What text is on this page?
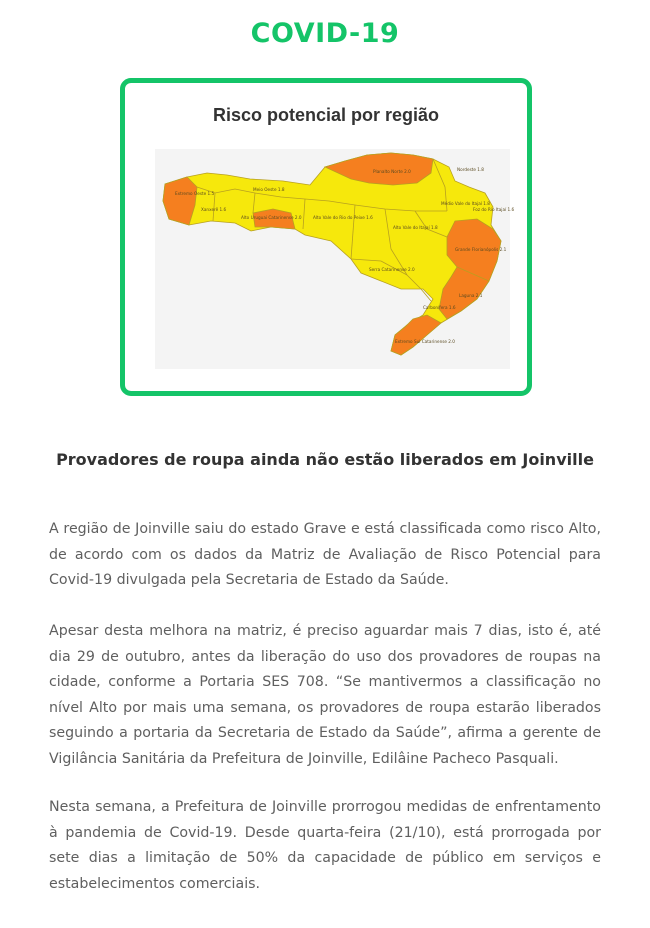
COVID-19
Risco potencial por região
Extremo Oeste 1.5
Xanxerê 1.6
Meio Oeste 1.8
Alto Uruguai Catarinense 2.0	Alto Vale do Rio do Peixe 1.6
Planalto Norte 2.0	Nordeste 1.8
Alto Vale do Itajaí 1.8
Médio Vale do Itajaí 1.8
Foz do Rio Itajaí 1.6
Grande Florianópolis 2.1
Serra Catarinense 2.0
Laguna 2.1
Carbonífera 1.6
Extremo Sul Catarinense 2.0
Provadores de roupa ainda não estão liberados em Joinville

A região de Joinville saiu do estado Grave e está classificada como risco Alto, de acordo com os dados da Matriz de Avaliação de Risco Potencial para Covid-19 divulgada pela Secretaria de Estado da Saúde.

Apesar desta melhora na matriz, é preciso aguardar mais 7 dias, isto é, até dia 29 de outubro, antes da liberação do uso dos provadores de roupas na cidade, conforme a Portaria SES 708. “Se mantivermos a classificação no nível Alto por mais uma semana, os provadores de roupa estarão liberados seguindo a portaria da Secretaria de Estado da Saúde”, afirma a gerente de Vigilância Sanitária da Prefeitura de Joinville, Edilâine Pacheco Pasquali.

Nesta semana, a Prefeitura de Joinville prorrogou medidas de enfrentamento à pandemia de Covid-19. Desde quarta-feira (21/10), está prorrogada por sete dias a limitação de 50% da capacidade de público em serviços e estabelecimentos comerciais.
